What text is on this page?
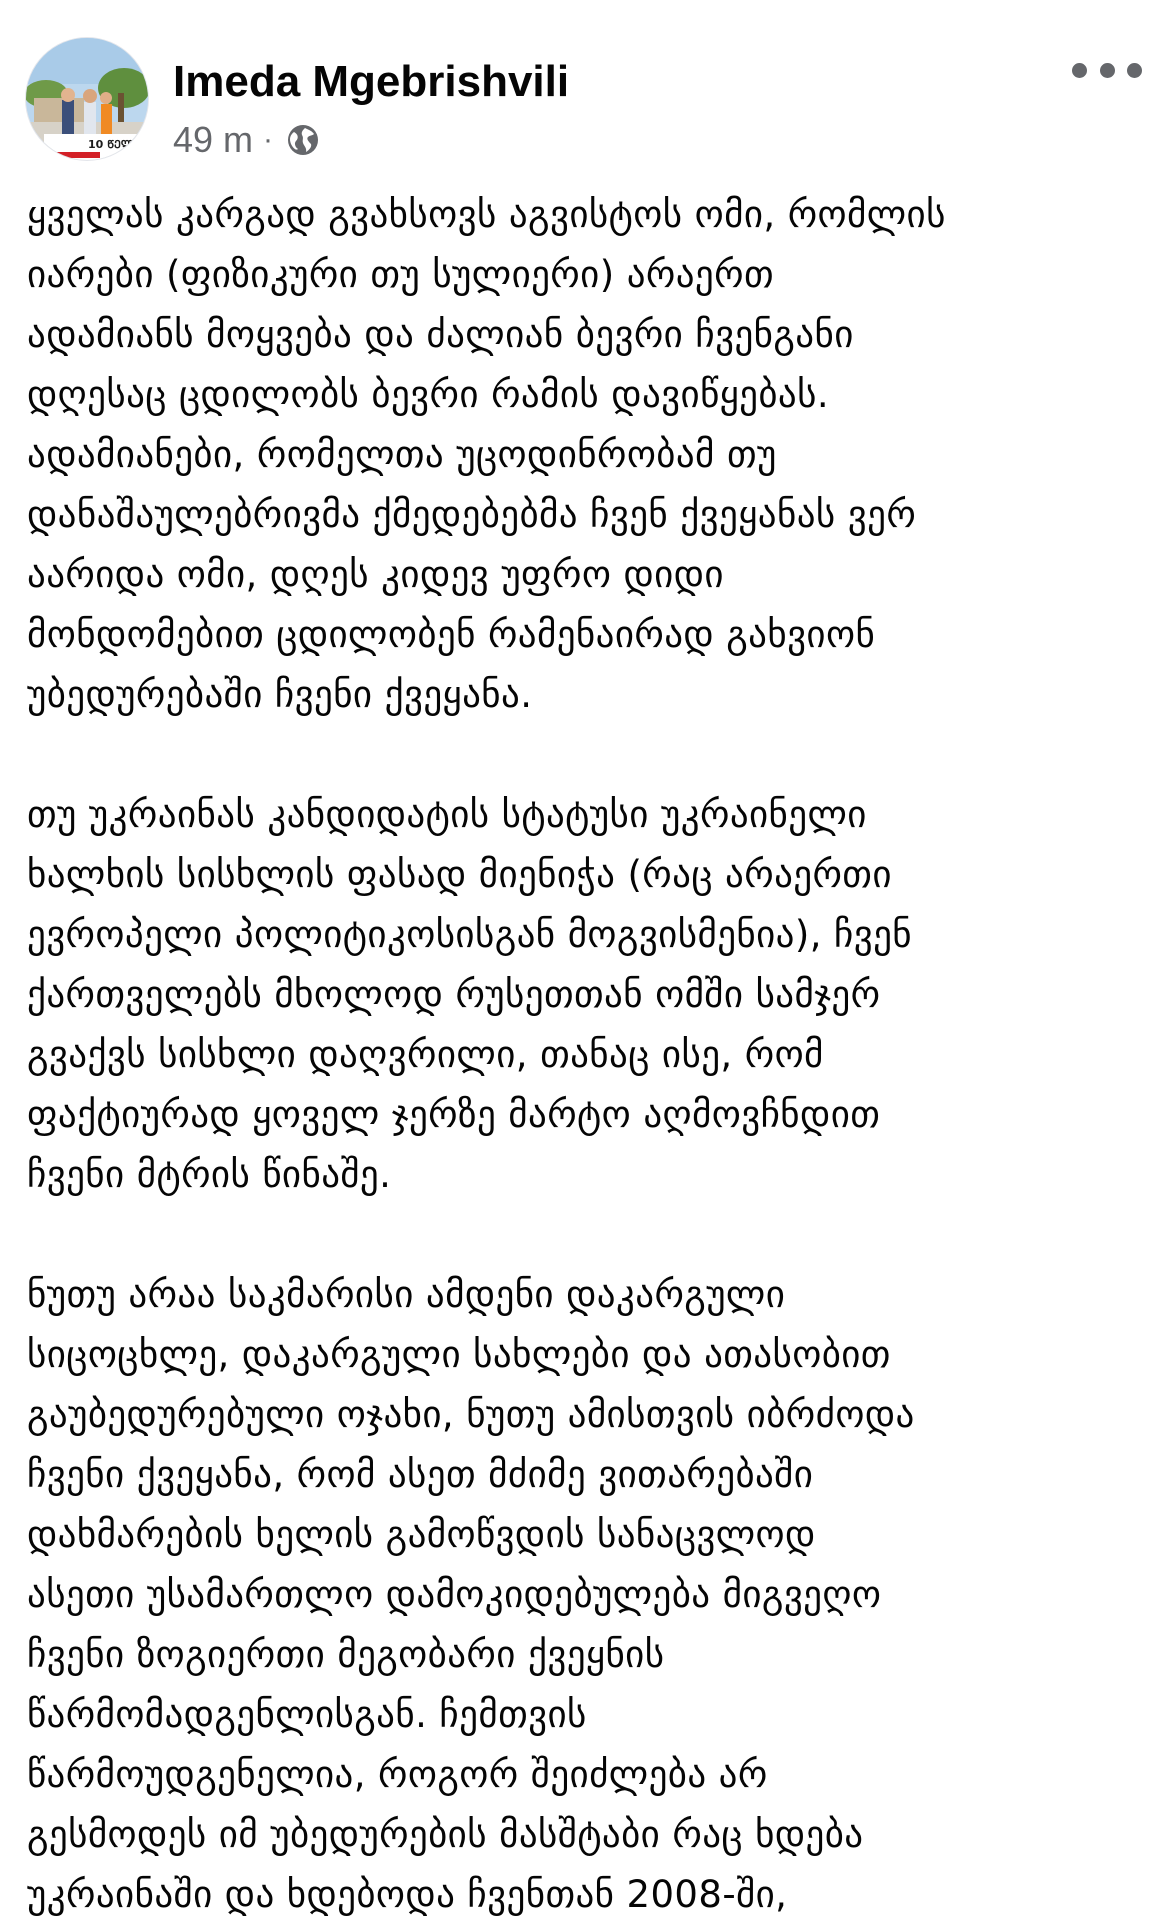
10 ᲬᲔᲚᲘ
Imeda Mgebrishvili
49 m ·

ყველას კარგად გვახსოვს აგვისტოს ომი, რომლის
იარები (ფიზიკური თუ სულიერი) არაერთ
ადამიანს მოყვება და ძალიან ბევრი ჩვენგანი
დღესაც ცდილობს ბევრი რამის დავიწყებას.
ადამიანები, რომელთა უცოდინრობამ თუ
დანაშაულებრივმა ქმედებებმა ჩვენ ქვეყანას ვერ
აარიდა ომი, დღეს კიდევ უფრო დიდი
მონდომებით ცდილობენ რამენაირად გახვიონ
უბედურებაში ჩვენი ქვეყანა.

თუ უკრაინას კანდიდატის სტატუსი უკრაინელი
ხალხის სისხლის ფასად მიენიჭა (რაც არაერთი
ევროპელი პოლიტიკოსისგან მოგვისმენია), ჩვენ
ქართველებს მხოლოდ რუსეთთან ომში სამჯერ
გვაქვს სისხლი დაღვრილი, თანაც ისე, რომ
ფაქტიურად ყოველ ჯერზე მარტო აღმოვჩნდით
ჩვენი მტრის წინაშე.

ნუთუ არაა საკმარისი ამდენი დაკარგული
სიცოცხლე, დაკარგული სახლები და ათასობით
გაუბედურებული ოჯახი, ნუთუ ამისთვის იბრძოდა
ჩვენი ქვეყანა, რომ ასეთ მძიმე ვითარებაში
დახმარების ხელის გამოწვდის სანაცვლოდ
ასეთი უსამართლო დამოკიდებულება მიგვეღო
ჩვენი ზოგიერთი მეგობარი ქვეყნის
წარმომადგენლისგან. ჩემთვის
წარმოუდგენელია, როგორ შეიძლება არ
გესმოდეს იმ უბედურების მასშტაბი რაც ხდება
უკრაინაში და ხდებოდა ჩვენთან 2008-ში,
